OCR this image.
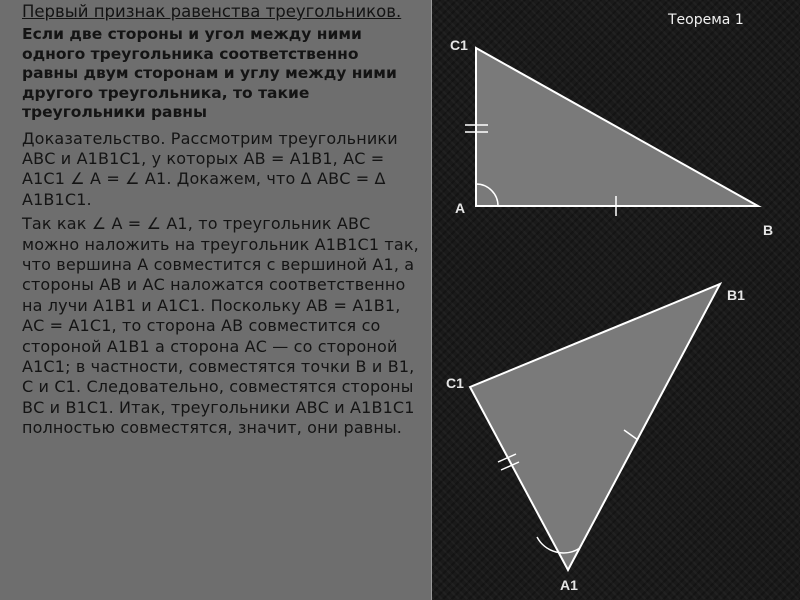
Первый признак равенства треугольников.

Если две стороны и угол между ними одного треугольника соответственно равны двум сторонам и углу между ними другого треугольника, то такие треугольники равны

Доказательство. Рассмотрим треугольники АВС и А1В1С1, у которых АВ = А1В1, АС = А1С1 ∠ А = ∠ А1. Докажем, что Δ АВС = Δ А1В1С1.

Так как ∠ А = ∠ А1, то треугольник АВС можно наложить на треугольник А1В1С1 так, что вершина А совместится с вершиной А1, а стороны АВ и АС наложатся соответственно на лучи А1В1 и А1С1. Поскольку АВ = А1В1, АС = А1С1, то сторона АВ совместится со стороной А1В1 а сторона АС — со стороной А1С1; в частности, совместятся точки В и В1, С и С1. Следовательно, совместятся стороны ВС и В1С1. Итак, треугольники АВС и А1В1С1 полностью совместятся, значит, они равны.

Теорема 1
С1
А
В
В1
С1
А1
